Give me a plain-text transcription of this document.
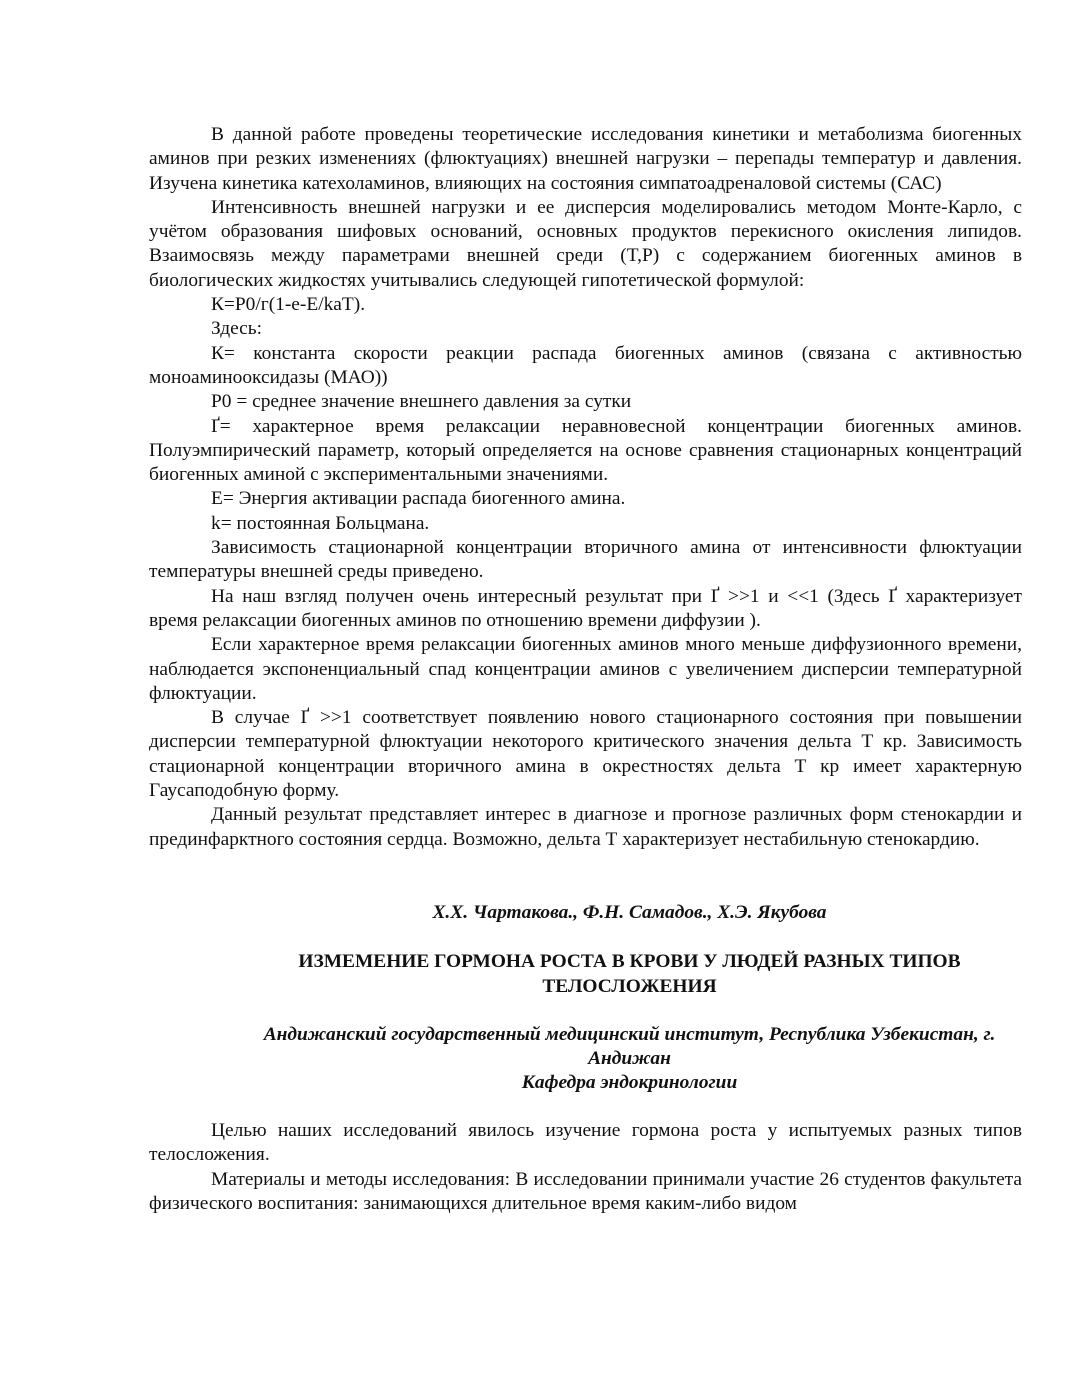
В данной работе проведены теоретические исследования кинетики и метаболизма биогенных аминов при резких изменениях (флюктуациях) внешней нагрузки – перепады температур и давления. Изучена кинетика катехоламинов, влияющих на состояния симпатоадреналовой системы (САС)

Интенсивность внешней нагрузки и ее дисперсия моделировались методом Монте-Карло, с учётом образования шифовых оснований, основных продуктов перекисного окисления липидов. Взаимосвязь между параметрами внешней среди (T,P) с содержанием биогенных аминов в биологических жидкостях учитывались следующей гипотетической формулой:

К=Р0/г(1-е-Е/kaT).

Здесь:

К= константа скорости реакции распада биогенных аминов (связана с активностью моноаминооксидазы (МАО))

Р0 = среднее значение внешнего давления за сутки

Ґ= характерное время релаксации неравновесной концентрации биогенных аминов. Полуэмпирический параметр, который определяется на основе сравнения стационарных концентраций биогенных аминой с экспериментальными значениями.

Е= Энергия активации распада биогенного амина.

k= постоянная Больцмана.

Зависимость стационарной концентрации вторичного амина от интенсивности флюктуации температуры внешней среды приведено.

На наш взгляд получен очень интересный результат при Ґ >>1 и <<1 (Здесь Ґ характеризует время релаксации биогенных аминов по отношению времени диффузии ).

Если характерное время релаксации биогенных аминов много меньше диффузионного времени, наблюдается экспоненциальный спад концентрации аминов с увеличением дисперсии температурной флюктуации.

В случае Ґ >>1 соответствует появлению нового стационарного состояния при повышении дисперсии температурной флюктуации некоторого критического значения дельта Т кр. Зависимость стационарной концентрации вторичного амина в окрестностях дельта Т кр имеет характерную Гаусаподобную форму.

Данный результат представляет интерес в диагнозе и прогнозе различных форм стенокардии и прединфарктного состояния сердца. Возможно, дельта Т характеризует нестабильную стенокардию.

Х.Х. Чартакова., Ф.Н. Самадов., Х.Э. Якубова

ИЗМЕМЕНИЕ ГОРМОНА РОСТА В КРОВИ У ЛЮДЕЙ РАЗНЫХ ТИПОВ

ТЕЛОСЛОЖЕНИЯ

Андижанский государственный медицинский институт, Республика Узбекистан, г.

Андижан

Кафедра эндокринологии

Целью наших исследований явилось изучение гормона роста у испытуемых разных типов телосложения.

Материалы и методы исследования: В исследовании принимали участие 26 студентов факультета физического воспитания: занимающихся длительное время каким-либо видом
